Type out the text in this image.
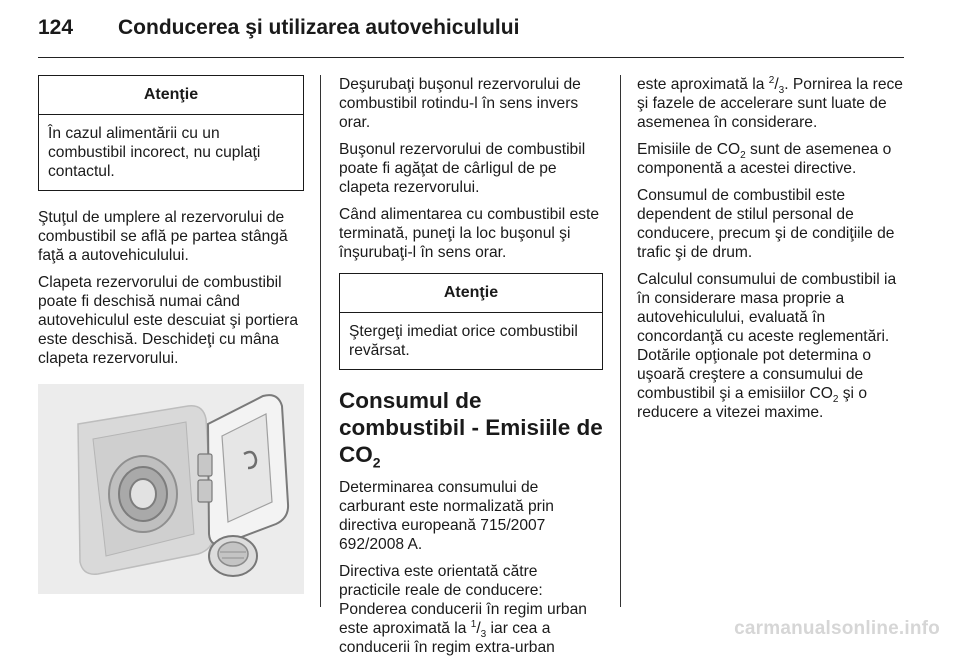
124 Conducerea şi utilizarea autovehiculului
Atenţie
În cazul alimentării cu un combustibil incorect, nu cuplaţi contactul.

Ştuţul de umplere al rezervorului de combustibil se află pe partea stângă faţă a autovehiculului.

Clapeta rezervorului de combustibil poate fi deschisă numai când autovehiculul este descuiat şi portiera este deschisă. Deschideţi cu mâna clapeta rezervorului.

Deşurubaţi buşonul rezervorului de combustibil rotindu-l în sens invers orar.

Buşonul rezervorului de combustibil poate fi agăţat de cârligul de pe clapeta rezervorului.

Când alimentarea cu combustibil este terminată, puneţi la loc buşonul şi înşurubaţi-l în sens orar.

Atenţie
Ştergeţi imediat orice combustibil revărsat.
Consumul de combustibil - Emisiile de $CO_2$

Determinarea consumului de carburant este normalizată prin directiva europeană 715/2007 692/2008 A.

Directiva este orientată către practicile reale de conducere: Ponderea conducerii în regim urban este aproximată la $^1/_3$ iar cea a conducerii în regim extra-urban

este aproximată la $^2/_3$. Pornirea la rece şi fazele de accelerare sunt luate de asemenea în considerare.

Emisiile de $CO_2$ sunt de asemenea o componentă a acestei directive.

Consumul de combustibil este dependent de stilul personal de conducere, precum şi de condiţiile de trafic şi de drum.

Calculul consumului de combustibil ia în considerare masa proprie a autovehiculului, evaluată în concordanţă cu aceste reglementări. Dotările opţionale pot determina o uşoară creştere a consumului de combustibil şi a emisiilor $CO_2$ şi o reducere a vitezei maxime.

carmanualsonline.info
